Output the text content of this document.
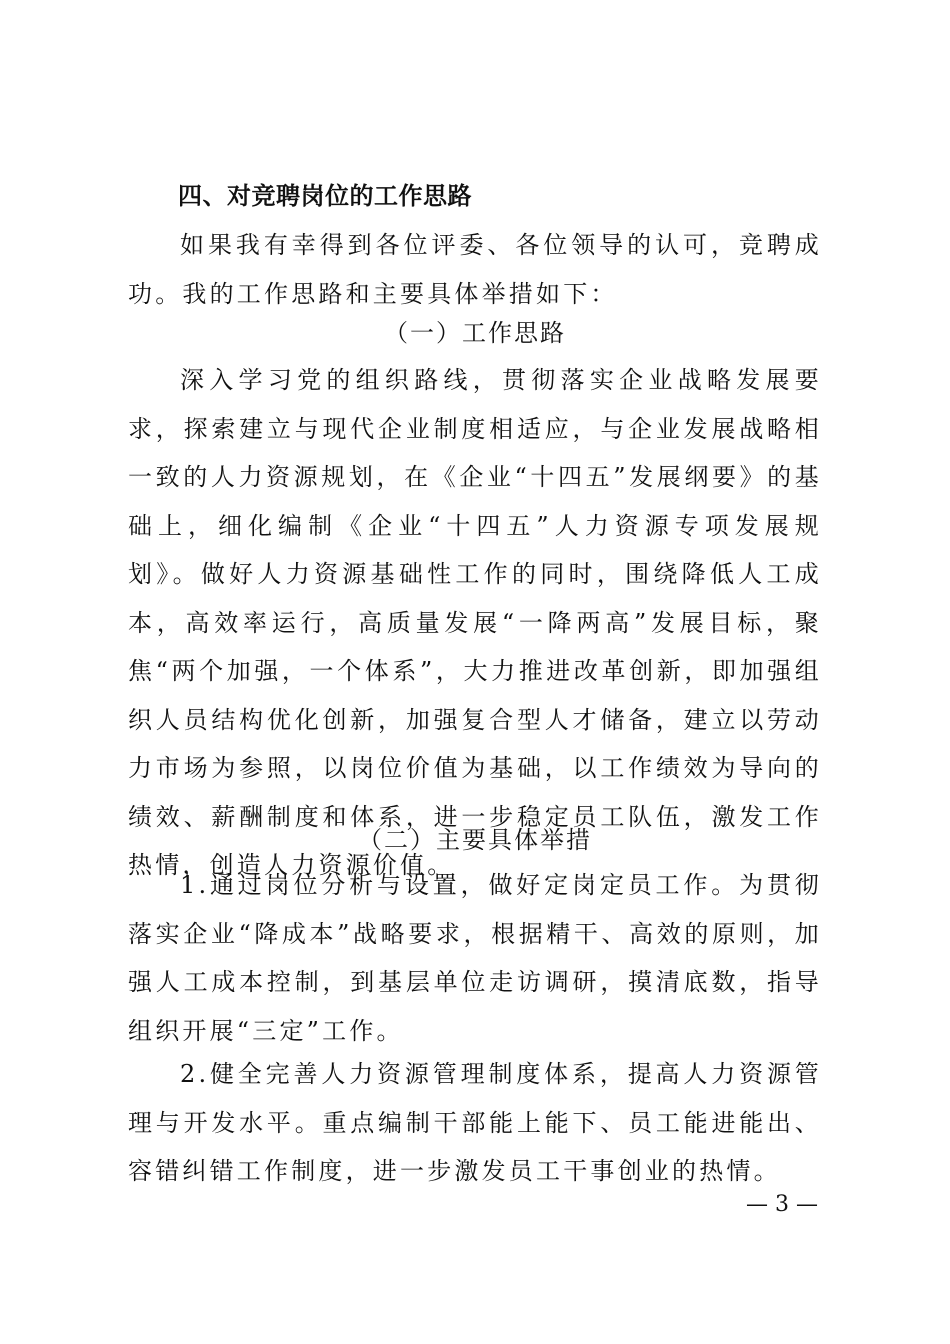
四、对竞聘岗位的工作思路

如果我有幸得到各位评委、各位领导的认可，竞聘成功。我的工作思路和主要具体举措如下：

（一）工作思路

深入学习党的组织路线，贯彻落实企业战略发展要求，探索建立与现代企业制度相适应，与企业发展战略相一致的人力资源规划，在《企业“十四五”发展纲要》的基础上，细化编制《企业“十四五”人力资源专项发展规划》。做好人力资源基础性工作的同时，围绕降低人工成本，高效率运行，高质量发展“一降两高”发展目标，聚焦“两个加强，一个体系”，大力推进改革创新，即加强组织人员结构优化创新，加强复合型人才储备，建立以劳动力市场为参照，以岗位价值为基础，以工作绩效为导向的绩效、薪酬制度和体系，进一步稳定员工队伍，激发工作热情，创造人力资源价值。

（二）主要具体举措

1.通过岗位分析与设置，做好定岗定员工作。为贯彻落实企业“降成本”战略要求，根据精干、高效的原则，加强人工成本控制，到基层单位走访调研，摸清底数，指导组织开展“三定”工作。

2.健全完善人力资源管理制度体系，提高人力资源管理与开发水平。重点编制干部能上能下、员工能进能出、容错纠错工作制度，进一步激发员工干事创业的热情。

— 3 —
